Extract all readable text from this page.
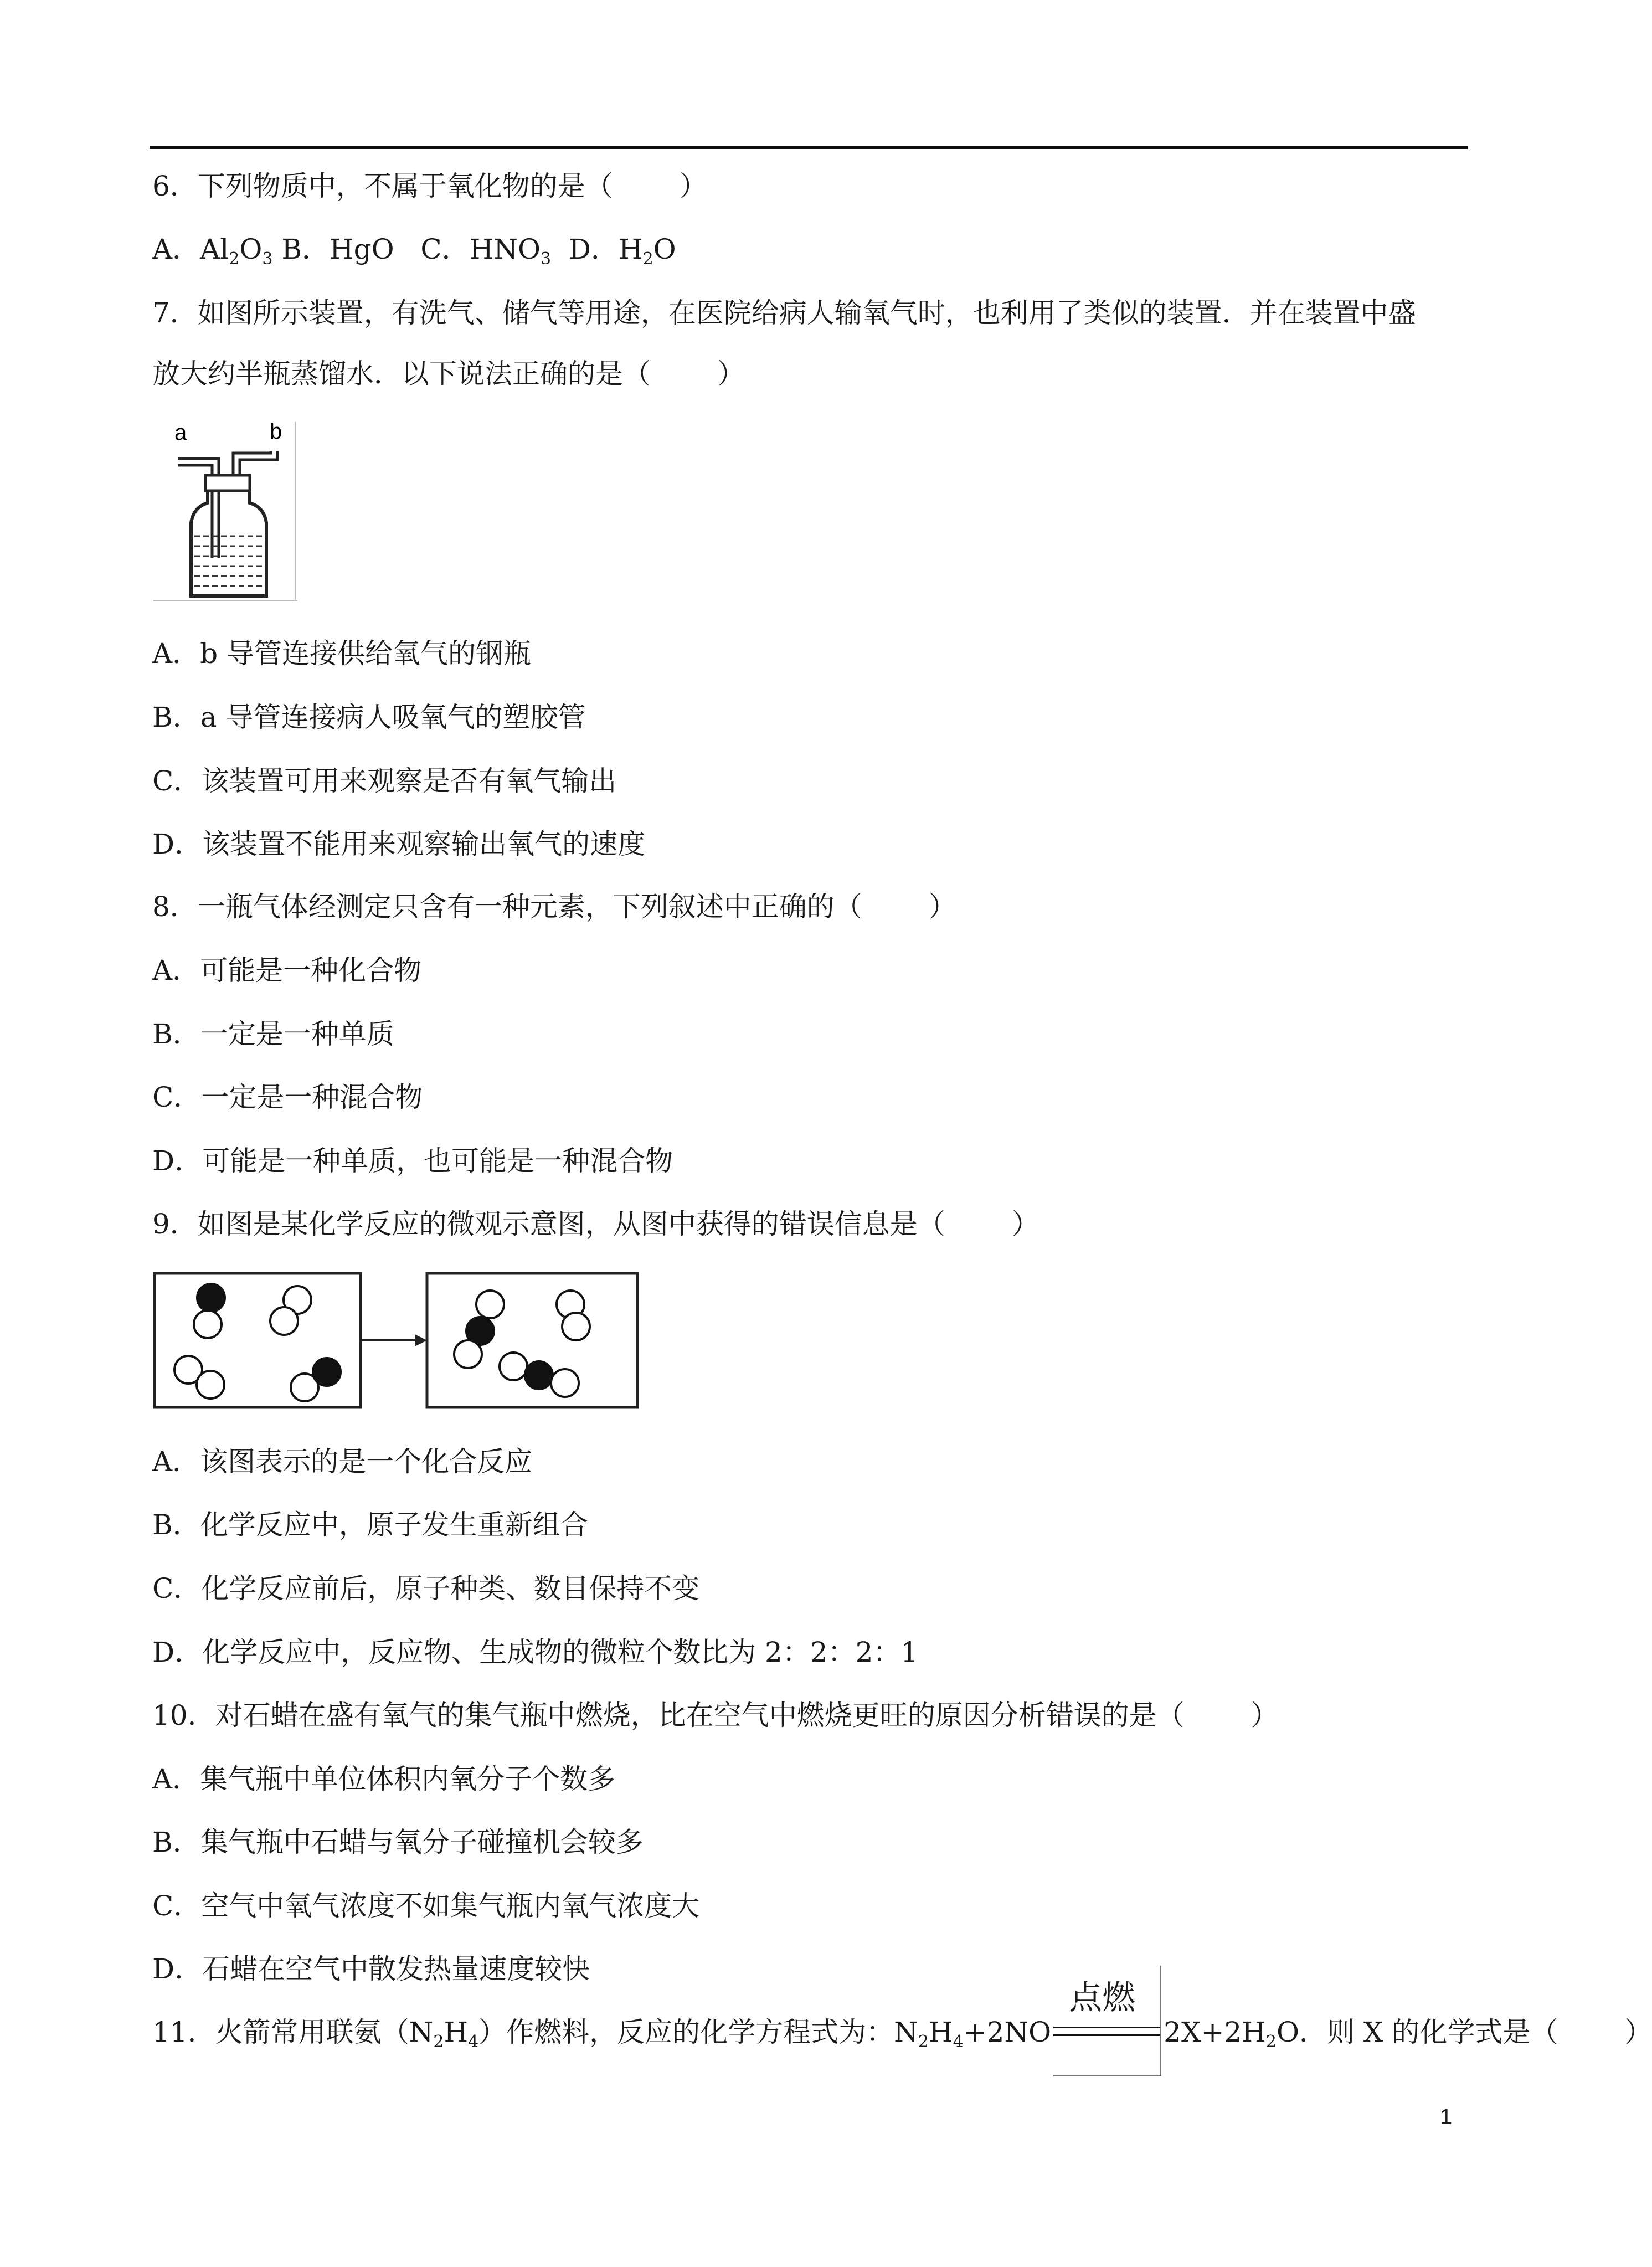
6．下列物质中，不属于氧化物的是（ ）
A．$Al_2O_3$ B．HgO C．$HNO_3$ D．$H_2O$
7．如图所示装置，有洗气、储气等用途，在医院给病人输氧气时，也利用了类似的装置．并在装置中盛
放大约半瓶蒸馏水．以下说法正确的是（ ）
a	b
A．b 导管连接供给氧气的钢瓶
B．a 导管连接病人吸氧气的塑胶管
C．该装置可用来观察是否有氧气输出
D．该装置不能用来观察输出氧气的速度
8．一瓶气体经测定只含有一种元素，下列叙述中正确的（ ）
A．可能是一种化合物
B．一定是一种单质
C．一定是一种混合物
D．可能是一种单质，也可能是一种混合物
9．如图是某化学反应的微观示意图，从图中获得的错误信息是（ ）
A．该图表示的是一个化合反应
B．化学反应中，原子发生重新组合
C．化学反应前后，原子种类、数目保持不变
D．化学反应中，反应物、生成物的微粒个数比为 2：2：2：1
10．对石蜡在盛有氧气的集气瓶中燃烧，比在空气中燃烧更旺的原因分析错误的是（ ）
A．集气瓶中单位体积内氧分子个数多
B．集气瓶中石蜡与氧分子碰撞机会较多
C．空气中氧气浓度不如集气瓶内氧气浓度大
D．石蜡在空气中散发热量速度较快
11．火箭常用联氨$(N_2H_4)$作燃料，反应的化学方程式为：$N_2H_4+2NO$
点燃
$2X+2H_2O$．则 X 的化学式是（ ）
1
